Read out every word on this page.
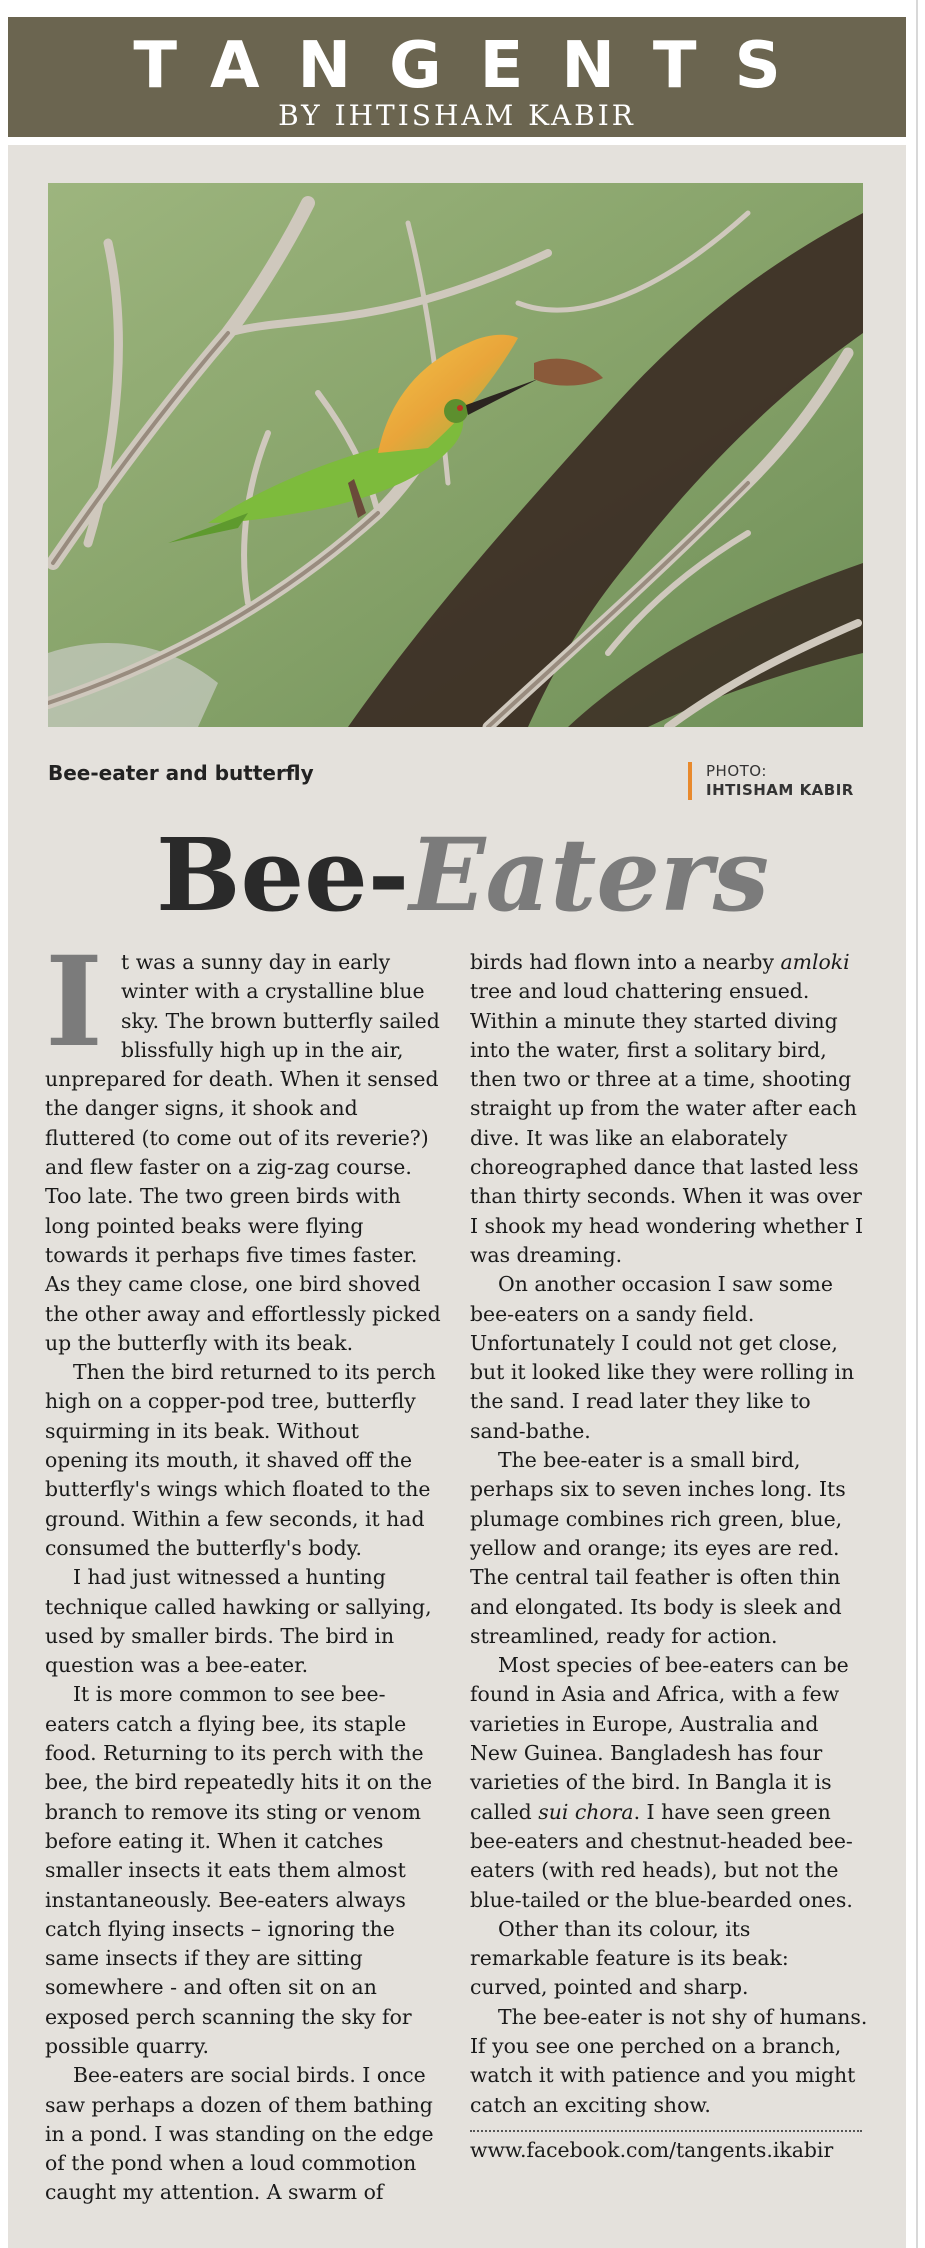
TANGENTS
BY IHTISHAM KABIR
Bee-eater and butterfly	PHOTO:
IHTISHAM KABIR
Bee-Eaters

It was a sunny day in early winter with a crystalline blue sky. The brown butterfly sailed blissfully high up in the air, unprepared for death. When it sensed the danger signs, it shook and fluttered (to come out of its reverie?) and flew faster on a zig-zag course. Too late. The two green birds with long pointed beaks were flying towards it perhaps five times faster. As they came close, one bird shoved the other away and effortlessly picked up the butterfly with its beak.

Then the bird returned to its perch high on a copper-pod tree, butterfly squirming in its beak. Without opening its mouth, it shaved off the butterfly's wings which floated to the ground. Within a few seconds, it had consumed the butterfly's body.

I had just witnessed a hunting technique called hawking or sallying, used by smaller birds. The bird in question was a bee-eater.

It is more common to see bee-eaters catch a flying bee, its staple food. Returning to its perch with the bee, the bird repeatedly hits it on the branch to remove its sting or venom before eating it. When it catches smaller insects it eats them almost instantaneously. Bee-eaters always catch flying insects – ignoring the same insects if they are sitting somewhere - and often sit on an exposed perch scanning the sky for possible quarry.

Bee-eaters are social birds. I once saw perhaps a dozen of them bathing in a pond. I was standing on the edge of the pond when a loud commotion caught my attention. A swarm of

birds had flown into a nearby amloki tree and loud chattering ensued. Within a minute they started diving into the water, first a solitary bird, then two or three at a time, shooting straight up from the water after each dive. It was like an elaborately choreographed dance that lasted less than thirty seconds. When it was over I shook my head wondering whether I was dreaming.

On another occasion I saw some bee-eaters on a sandy field. Unfortunately I could not get close, but it looked like they were rolling in the sand. I read later they like to sand-bathe.

The bee-eater is a small bird, perhaps six to seven inches long. Its plumage combines rich green, blue, yellow and orange; its eyes are red. The central tail feather is often thin and elongated. Its body is sleek and streamlined, ready for action.

Most species of bee-eaters can be found in Asia and Africa, with a few varieties in Europe, Australia and New Guinea. Bangladesh has four varieties of the bird. In Bangla it is called sui chora. I have seen green bee-eaters and chestnut-headed bee-eaters (with red heads), but not the blue-tailed or the blue-bearded ones.

Other than its colour, its remarkable feature is its beak: curved, pointed and sharp.

The bee-eater is not shy of humans. If you see one perched on a branch, watch it with patience and you might catch an exciting show.

www.facebook.com/tangents.ikabir
